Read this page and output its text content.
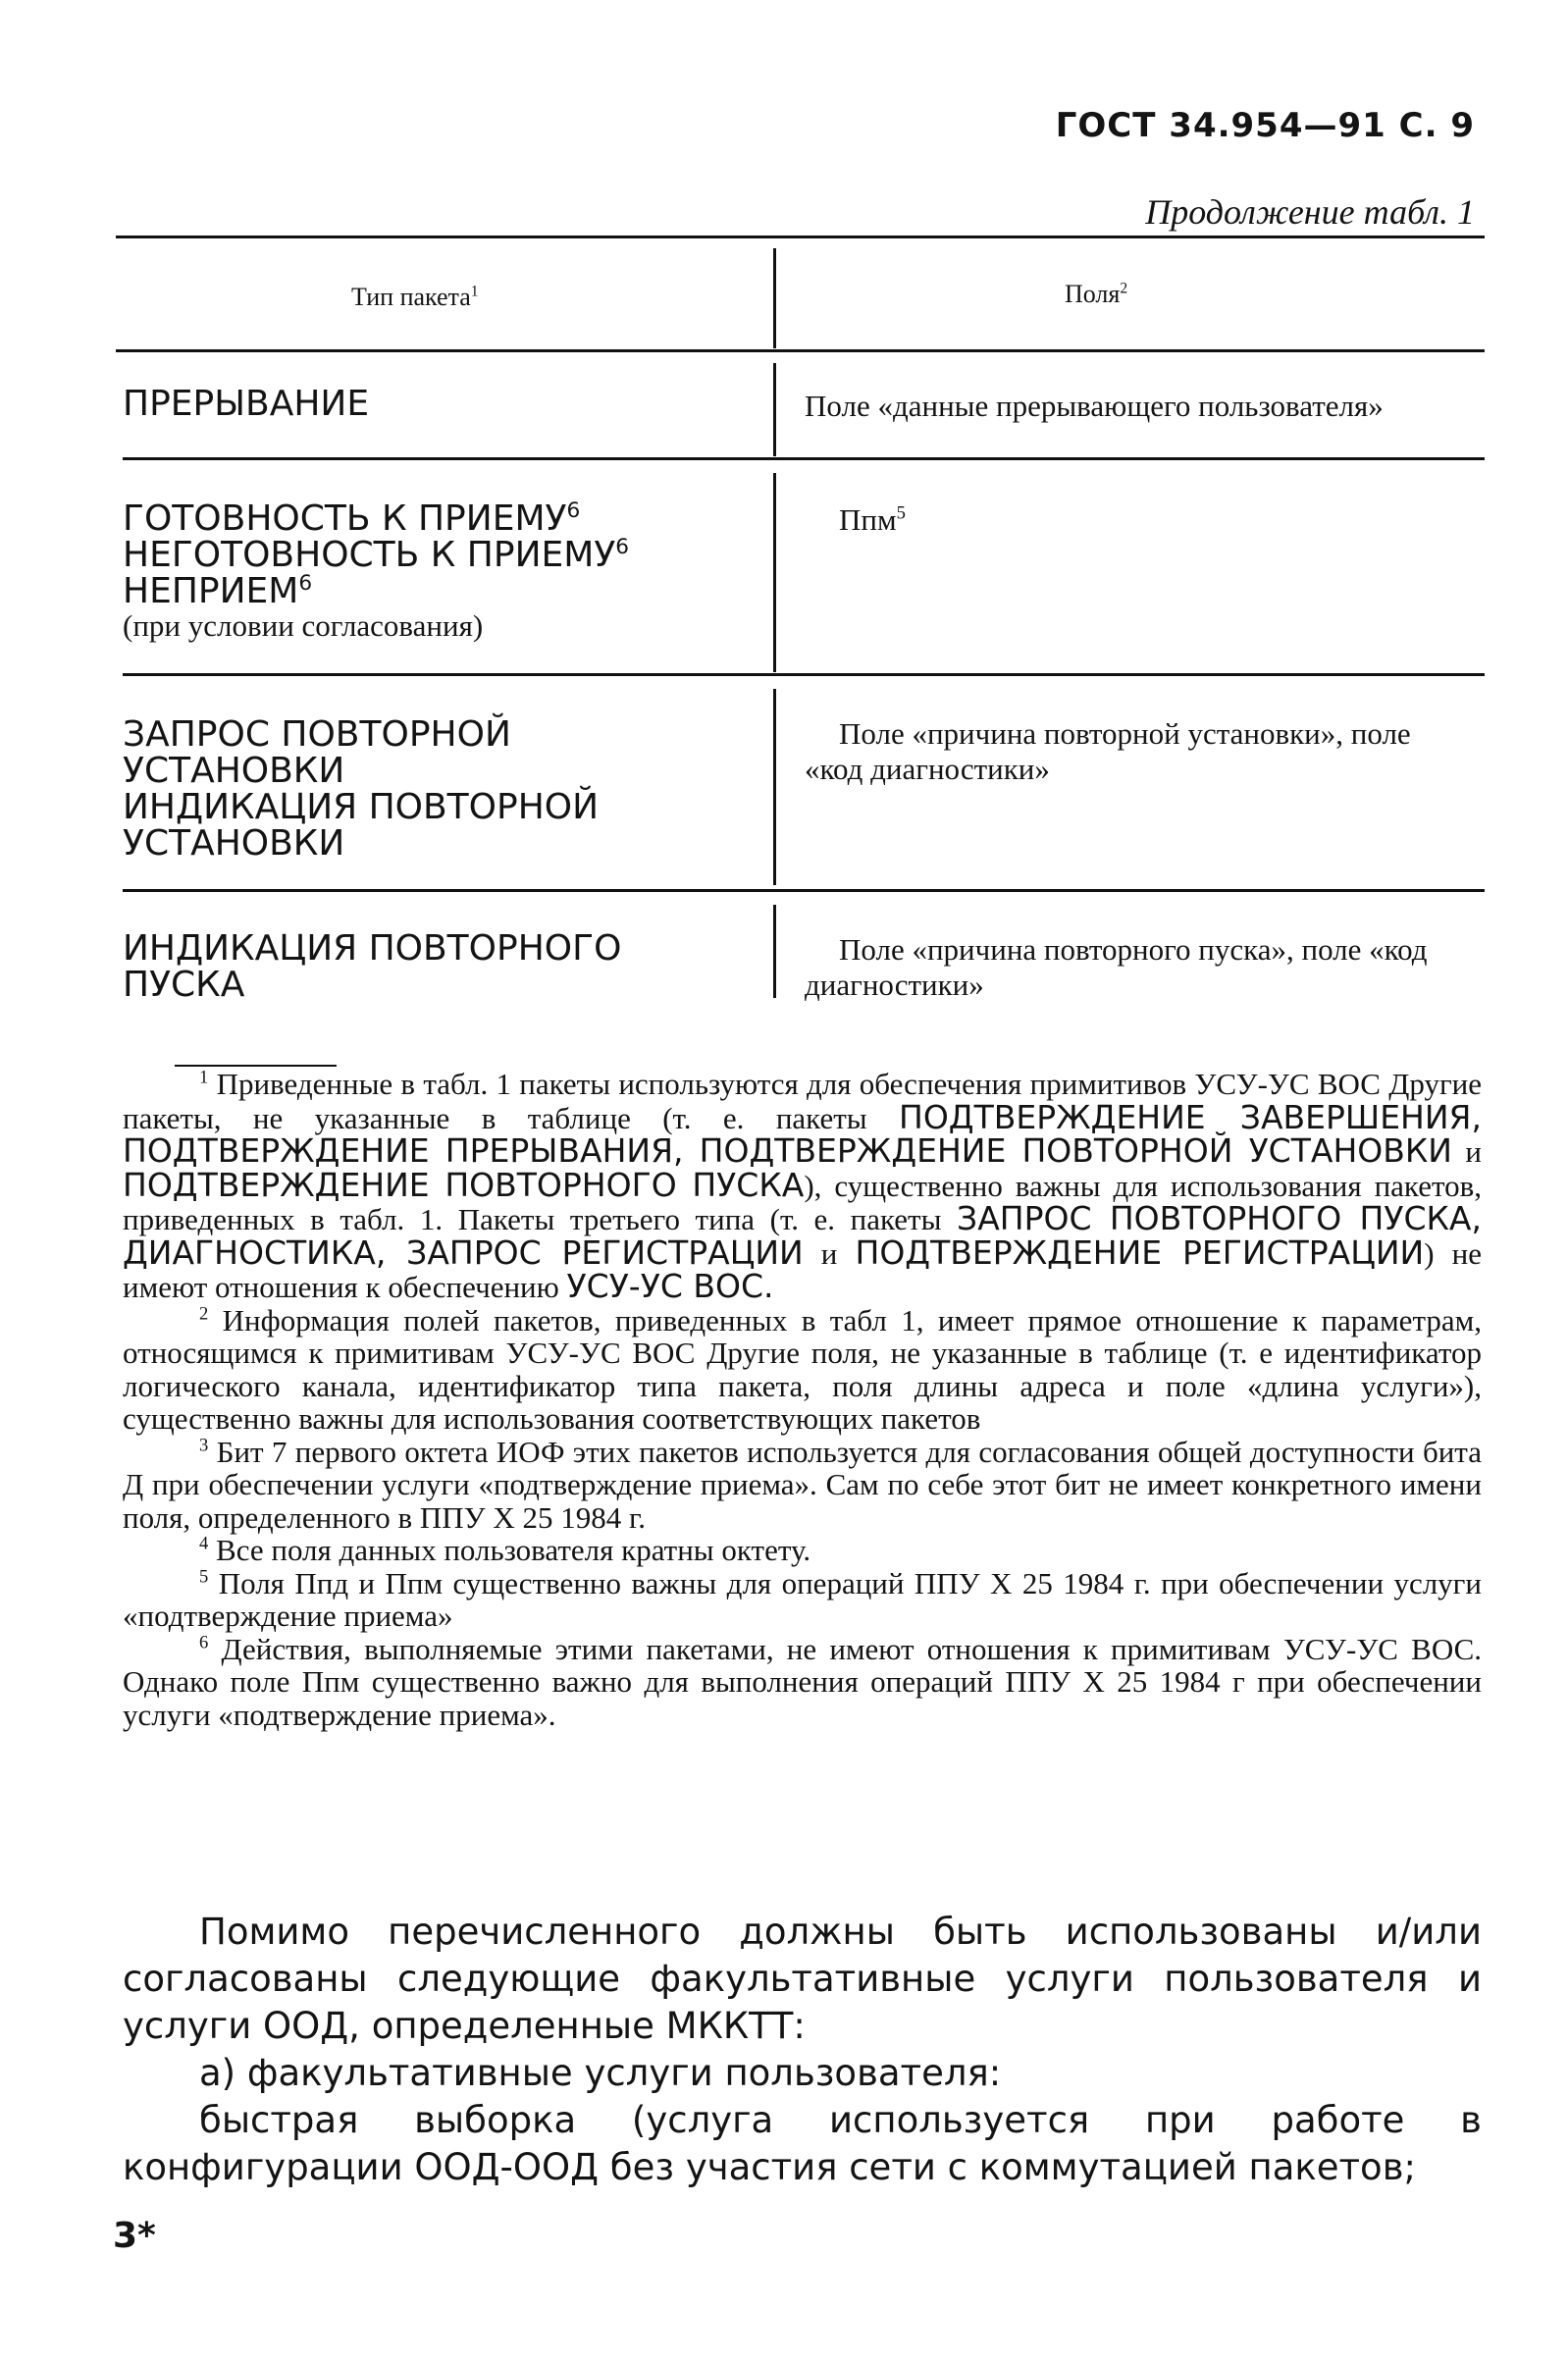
ГОСТ 34.954—91 С. 9
Продолжение табл. 1
Тип пакета$^1$	Поля$^2$
ПРЕРЫВАНИЕ	Поле «данные прерывающего пользователя»
ГОТОВНОСТЬ К ПРИЕМУ$^6$
НЕГОТОВНОСТЬ К ПРИЕМУ$^6$
НЕПРИЕМ$^6$
(при условии согласования)
Ппм$^5$
ЗАПРОС ПОВТОРНОЙ
УСТАНОВКИ
ИНДИКАЦИЯ ПОВТОРНОЙ
УСТАНОВКИ
Поле «причина повторной установки», поле «код диагностики»
ИНДИКАЦИЯ ПОВТОРНОГО
ПУСКА
Поле «причина повторного пуска», поле «код диагностики»

$^1$ Приведенные в табл. 1 пакеты используются для обеспечения примитивов УСУ-УС ВОС Другие пакеты, не указанные в таблице (т. е. пакеты ПОДТВЕРЖДЕНИЕ ЗАВЕРШЕНИЯ, ПОДТВЕРЖДЕНИЕ ПРЕРЫВАНИЯ, ПОДТВЕРЖДЕНИЕ ПОВТОРНОЙ УСТАНОВКИ и ПОДТВЕРЖДЕНИЕ ПОВТОРНОГО ПУСКА), существенно важны для использования пакетов, приведенных в табл. 1. Пакеты третьего типа (т. е. пакеты ЗАПРОС ПОВТОРНОГО ПУСКА, ДИАГНОСТИКА, ЗАПРОС РЕГИСТРАЦИИ и ПОДТВЕРЖДЕНИЕ РЕГИСТРАЦИИ) не имеют отношения к обеспечению УСУ-УС ВОС.

$^2$ Информация полей пакетов, приведенных в табл 1, имеет прямое отношение к параметрам, относящимся к примитивам УСУ-УС ВОС Другие поля, не указанные в таблице (т. е идентификатор логического канала, идентификатор типа пакета, поля длины адреса и поле «длина услуги»), существенно важны для использования соответствующих пакетов

$^3$ Бит 7 первого октета ИОФ этих пакетов используется для согласования общей доступности бита Д при обеспечении услуги «подтверждение приема». Сам по себе этот бит не имеет конкретного имени поля, определенного в ППУ Х 25 1984 г.

$^4$ Все поля данных пользователя кратны октету.

$^5$ Поля Ппд и Ппм существенно важны для операций ППУ Х 25 1984 г. при обеспечении услуги «подтверждение приема»

$^6$ Действия, выполняемые этими пакетами, не имеют отношения к примитивам УСУ-УС ВОС. Однако поле Ппм существенно важно для выполнения операций ППУ Х 25 1984 г при обеспечении услуги «подтверждение приема».

Помимо перечисленного должны быть использованы и/или согласованы следующие факультативные услуги пользователя и услуги ООД, определенные МККТТ:

а) факультативные услуги пользователя:

быстрая выборка (услуга используется при работе в конфигурации ООД-ООД без участия сети с коммутацией пакетов;

3*
